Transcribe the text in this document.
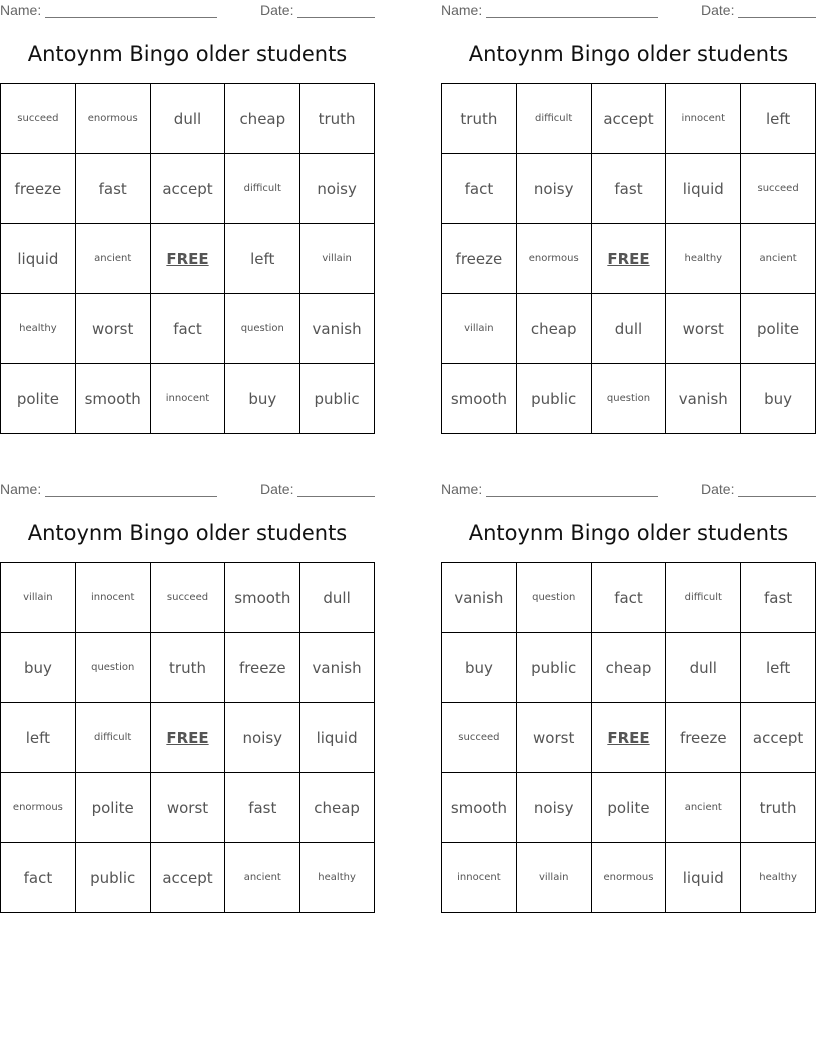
Name:	Date:
Antoynm Bingo older students
succeed	enormous	dull	cheap	truth
freeze	fast	accept	difficult	noisy
liquid	ancient	FREE	left	villain
healthy	worst	fact	question	vanish
polite	smooth	innocent	buy	public
Name:	Date:
Antoynm Bingo older students
truth	difficult	accept	innocent	left
fact	noisy	fast	liquid	succeed
freeze	enormous	FREE	healthy	ancient
villain	cheap	dull	worst	polite
smooth	public	question	vanish	buy
Name:	Date:
Antoynm Bingo older students
villain	innocent	succeed	smooth	dull
buy	question	truth	freeze	vanish
left	difficult	FREE	noisy	liquid
enormous	polite	worst	fast	cheap
fact	public	accept	ancient	healthy
Name:	Date:
Antoynm Bingo older students
vanish	question	fact	difficult	fast
buy	public	cheap	dull	left
succeed	worst	FREE	freeze	accept
smooth	noisy	polite	ancient	truth
innocent	villain	enormous	liquid	healthy
